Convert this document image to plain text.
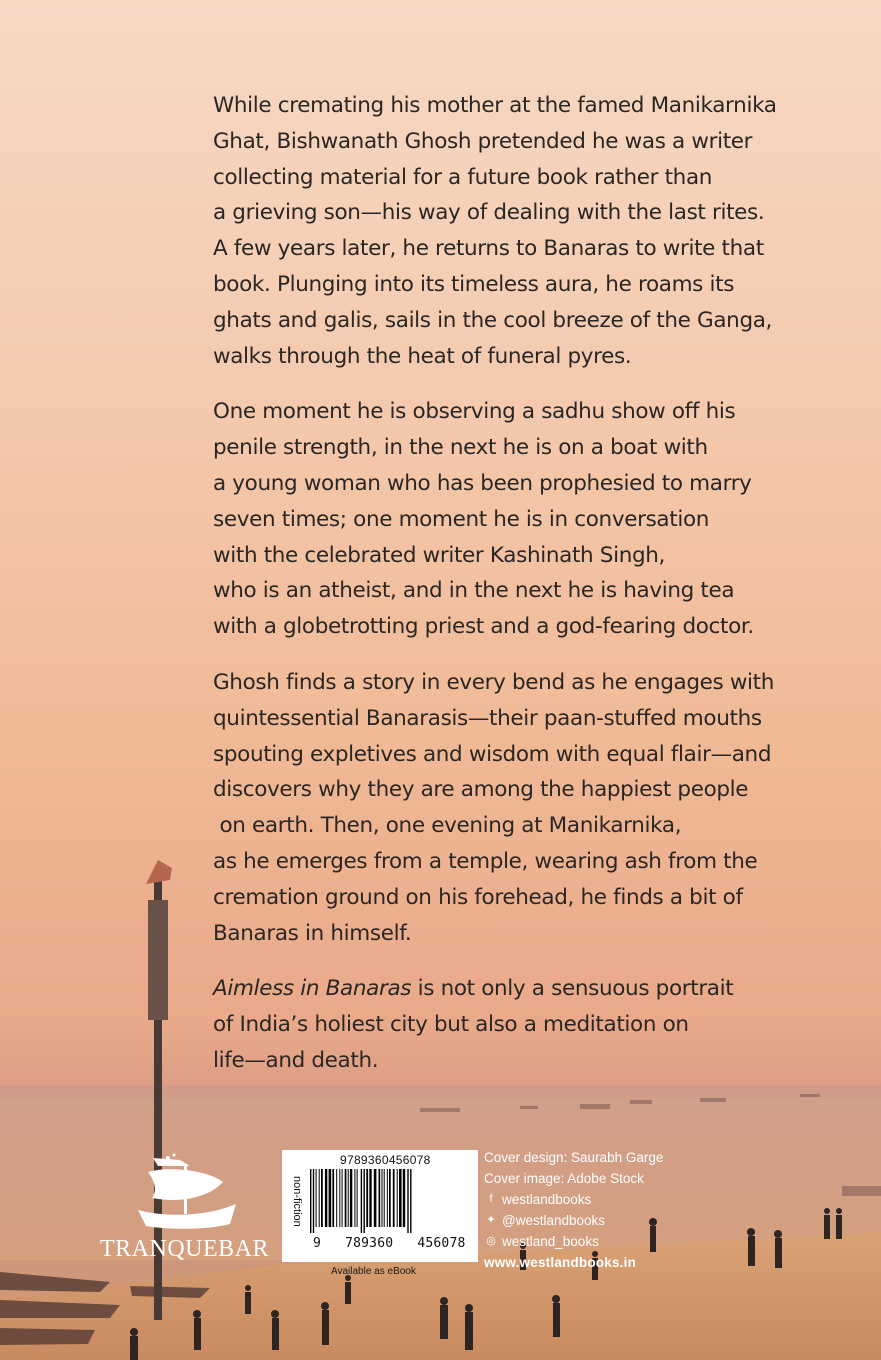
While cremating his mother at the famed Manikarnika
Ghat, Bishwanath Ghosh pretended he was a writer
collecting material for a future book rather than
a grieving son—his way of dealing with the last rites.
A few years later, he returns to Banaras to write that
book. Plunging into its timeless aura, he roams its
ghats and galis, sails in the cool breeze of the Ganga,
walks through the heat of funeral pyres.

One moment he is observing a sadhu show off his
penile strength, in the next he is on a boat with
a young woman who has been prophesied to marry
seven times; one moment he is in conversation
with the celebrated writer Kashinath Singh,
who is an atheist, and in the next he is having tea
with a globetrotting priest and a god-fearing doctor.

Ghosh finds a story in every bend as he engages with
quintessential Banarasis—their paan-stuffed mouths
spouting expletives and wisdom with equal flair—and
discovers why they are among the happiest people
on earth. Then, one evening at Manikarnika,
as he emerges from a temple, wearing ash from the
cremation ground on his forehead, he finds a bit of
Banaras in himself.

Aimless in Banaras is not only a sensuous portrait
of India’s holiest city but also a meditation on
life—and death.

TRANQUEBAR
non-fiction
9789360456078
9   789360   456078
Available as eBook
Cover design: Saurabh Garge
Cover image: Adobe Stock
f westlandbooks
✦ @westlandbooks
◎ westland_books
www.westlandbooks.in
